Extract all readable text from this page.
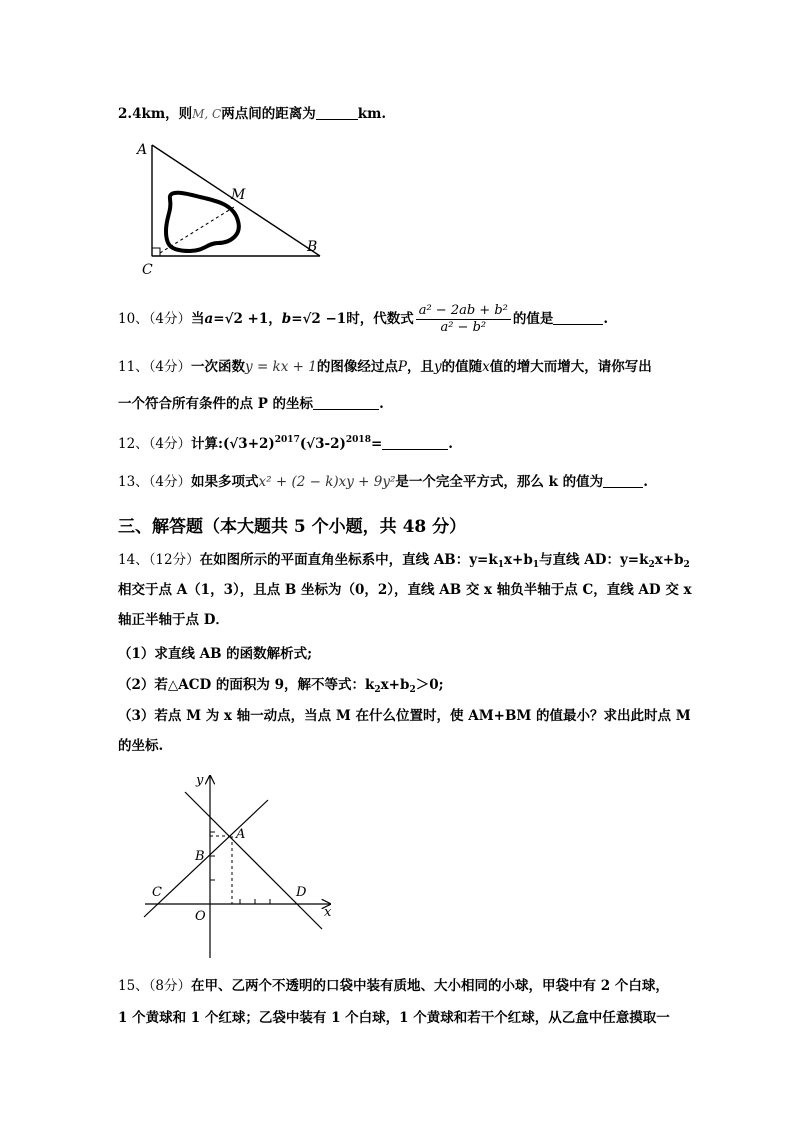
2.4km，则M, C两点间的距离为	km.
A
M
B
C
10、（4分）当a=√2 +1，b=√2 −1时，代数式 $\frac{\text{a² − 2ab + b²}}{\text{a² − b²}}$ 的值是	.
11、（4分）一次函数y = kx + 1的图像经过点P，且y的值随x值的增大而增大，请你写出
一个符合所有条件的点 P 的坐标	.
12、（4分）计算$:(√3+2)^{2017}(√3-2)^{2018}=$	.
13、（4分）如果多项式x² + (2 − k)xy + 9y²是一个完全平方式，那么 k 的值为	.
三、解答题（本大题共 5 个小题，共 48 分）
14、（12分）在如图所示的平面直角坐标系中，直线 AB：$y=k_1x+b_1$与直线 AD：$y=k_2x+b_2$
相交于点 A（1，3），且点 B 坐标为（0，2），直线 AB 交 x 轴负半轴于点 C，直线 AD 交 x
轴正半轴于点 D．
（1）求直线 AB 的函数解析式;
（2）若△ACD 的面积为 9，解不等式：$k_2x+b_2>0$;
（3）若点 M 为 x 轴一动点，当点 M 在什么位置时，使 AM+BM 的值最小？求出此时点 M
的坐标.
y
x
A
B
C	D
O
15、（8分）在甲、乙两个不透明的口袋中装有质地、大小相同的小球，甲袋中有 2 个白球，
1 个黄球和 1 个红球；乙袋中装有 1 个白球，1 个黄球和若干个红球，从乙盒中任意摸取一
